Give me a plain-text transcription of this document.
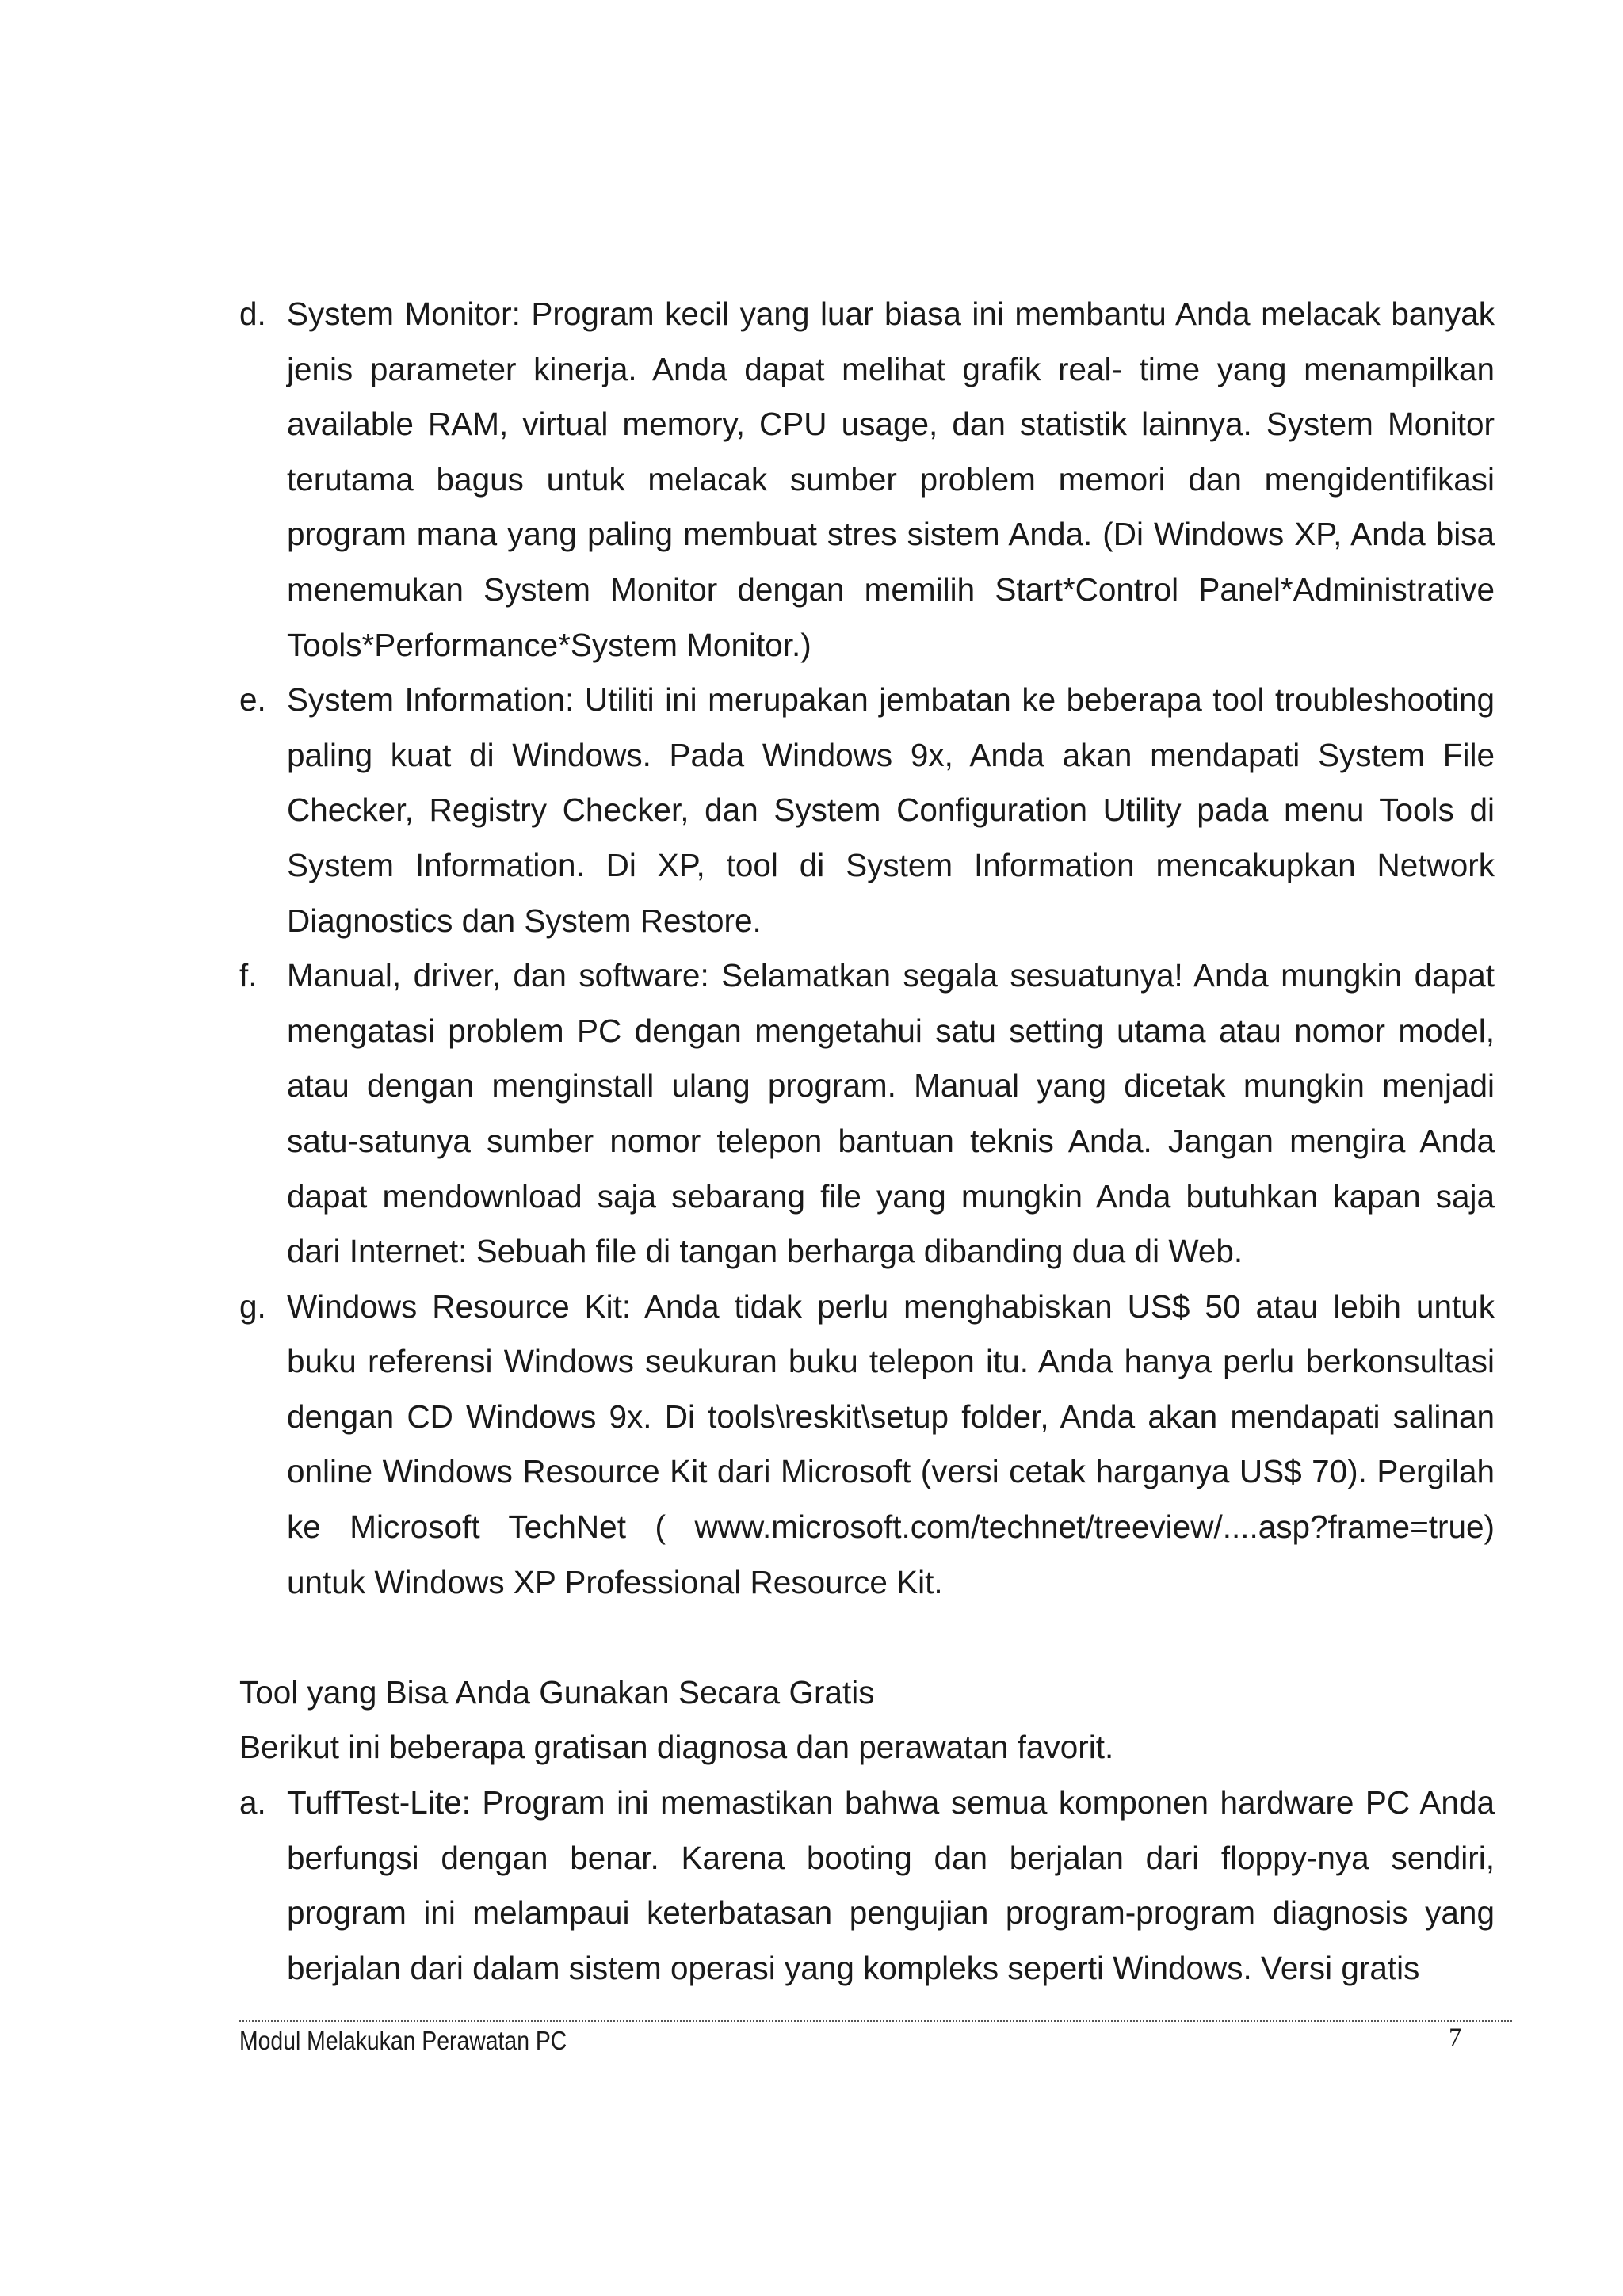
d. System Monitor: Program kecil yang luar biasa ini membantu Anda melacak banyak jenis parameter kinerja. Anda dapat melihat grafik real- time yang menampilkan available RAM, virtual memory, CPU usage, dan statistik lainnya. System Monitor terutama bagus untuk melacak sumber problem memori dan mengidentifikasi program mana yang paling membuat stres sistem Anda. (Di Windows XP, Anda bisa menemukan System Monitor dengan memilih Start*Control Panel*Administrative Tools*Performance*System Monitor.)
e. System Information: Utiliti ini merupakan jembatan ke beberapa tool troubleshooting paling kuat di Windows. Pada Windows 9x, Anda akan mendapati System File Checker, Registry Checker, dan System Configuration Utility pada menu Tools di System Information. Di XP, tool di System Information mencakupkan Network Diagnostics dan System Restore.
f. Manual, driver, dan software: Selamatkan segala sesuatunya! Anda mungkin dapat mengatasi problem PC dengan mengetahui satu setting utama atau nomor model, atau dengan menginstall ulang program. Manual yang dicetak mungkin menjadi satu-satunya sumber nomor telepon bantuan teknis Anda. Jangan mengira Anda dapat mendownload saja sebarang file yang mungkin Anda butuhkan kapan saja dari Internet: Sebuah file di tangan berharga dibanding dua di Web.
g. Windows Resource Kit: Anda tidak perlu menghabiskan US$ 50 atau lebih untuk buku referensi Windows seukuran buku telepon itu. Anda hanya perlu berkonsultasi dengan CD Windows 9x. Di tools\reskit\setup folder, Anda akan mendapati salinan online Windows Resource Kit dari Microsoft (versi cetak harganya US$ 70). Pergilah ke Microsoft TechNet ( www.microsoft.com/technet/treeview/....asp?frame=true) untuk Windows XP Professional Resource Kit.

Tool yang Bisa Anda Gunakan Secara Gratis

Berikut ini beberapa gratisan diagnosa dan perawatan favorit.

a. TuffTest-Lite: Program ini memastikan bahwa semua komponen hardware PC Anda berfungsi dengan benar. Karena booting dan berjalan dari floppy-nya sendiri, program ini melampaui keterbatasan pengujian program-program diagnosis yang berjalan dari dalam sistem operasi yang kompleks seperti Windows. Versi gratis
Modul Melakukan Perawatan PC	7
